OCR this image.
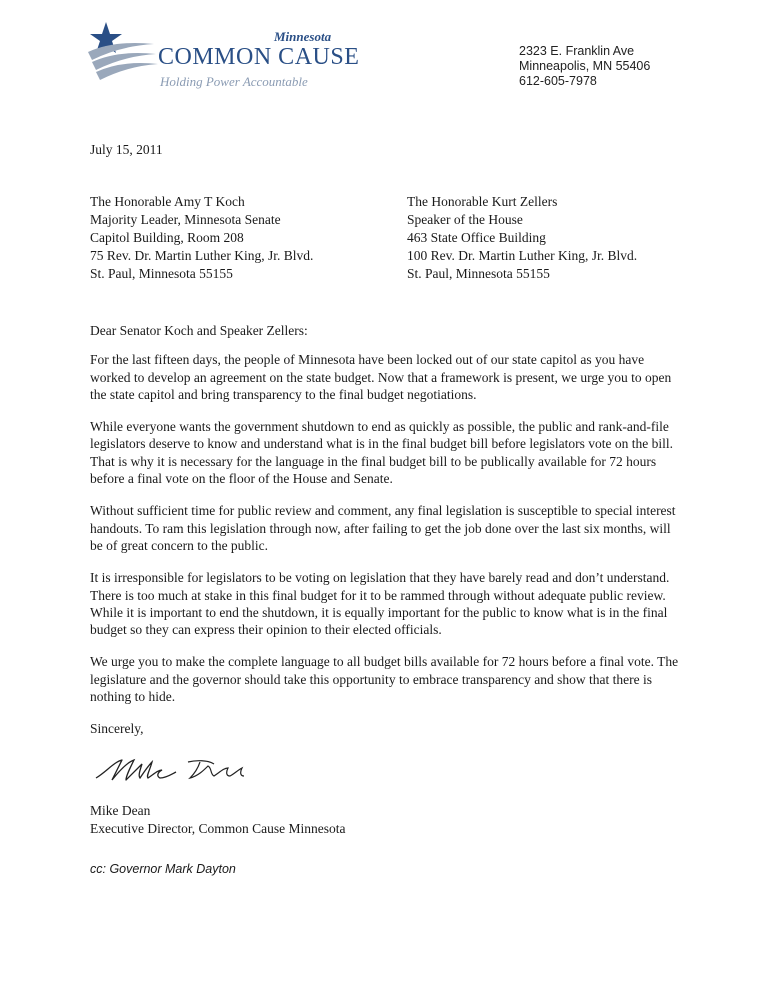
Minnesota
COMMON CAUSE
Holding Power Accountable
2323 E. Franklin Ave
Minneapolis, MN 55406
612-605-7978
July 15, 2011
The Honorable Amy T Koch
Majority Leader, Minnesota Senate
Capitol Building, Room 208
75 Rev. Dr. Martin Luther King, Jr. Blvd.
St. Paul, Minnesota 55155
The Honorable Kurt Zellers
Speaker of the House
463 State Office Building
100 Rev. Dr. Martin Luther King, Jr. Blvd.
St. Paul, Minnesota 55155

Dear Senator Koch and Speaker Zellers:

For the last fifteen days, the people of Minnesota have been locked out of our state capitol as you have worked to develop an agreement on the state budget. Now that a framework is present, we urge you to open the state capitol and bring transparency to the final budget negotiations.

While everyone wants the government shutdown to end as quickly as possible, the public and rank-and-file legislators deserve to know and understand what is in the final budget bill before legislators vote on the bill. That is why it is necessary for the language in the final budget bill to be publically available for 72 hours before a final vote on the floor of the House and Senate.

Without sufficient time for public review and comment, any final legislation is susceptible to special interest handouts. To ram this legislation through now, after failing to get the job done over the last six months, will be of great concern to the public.

It is irresponsible for legislators to be voting on legislation that they have barely read and don’t understand. There is too much at stake in this final budget for it to be rammed through without adequate public review. While it is important to end the shutdown, it is equally important for the public to know what is in the final budget so they can express their opinion to their elected officials.

We urge you to make the complete language to all budget bills available for 72 hours before a final vote. The legislature and the governor should take this opportunity to embrace transparency and show that there is nothing to hide.

Sincerely,

Mike Dean
Executive Director, Common Cause Minnesota
cc: Governor Mark Dayton
